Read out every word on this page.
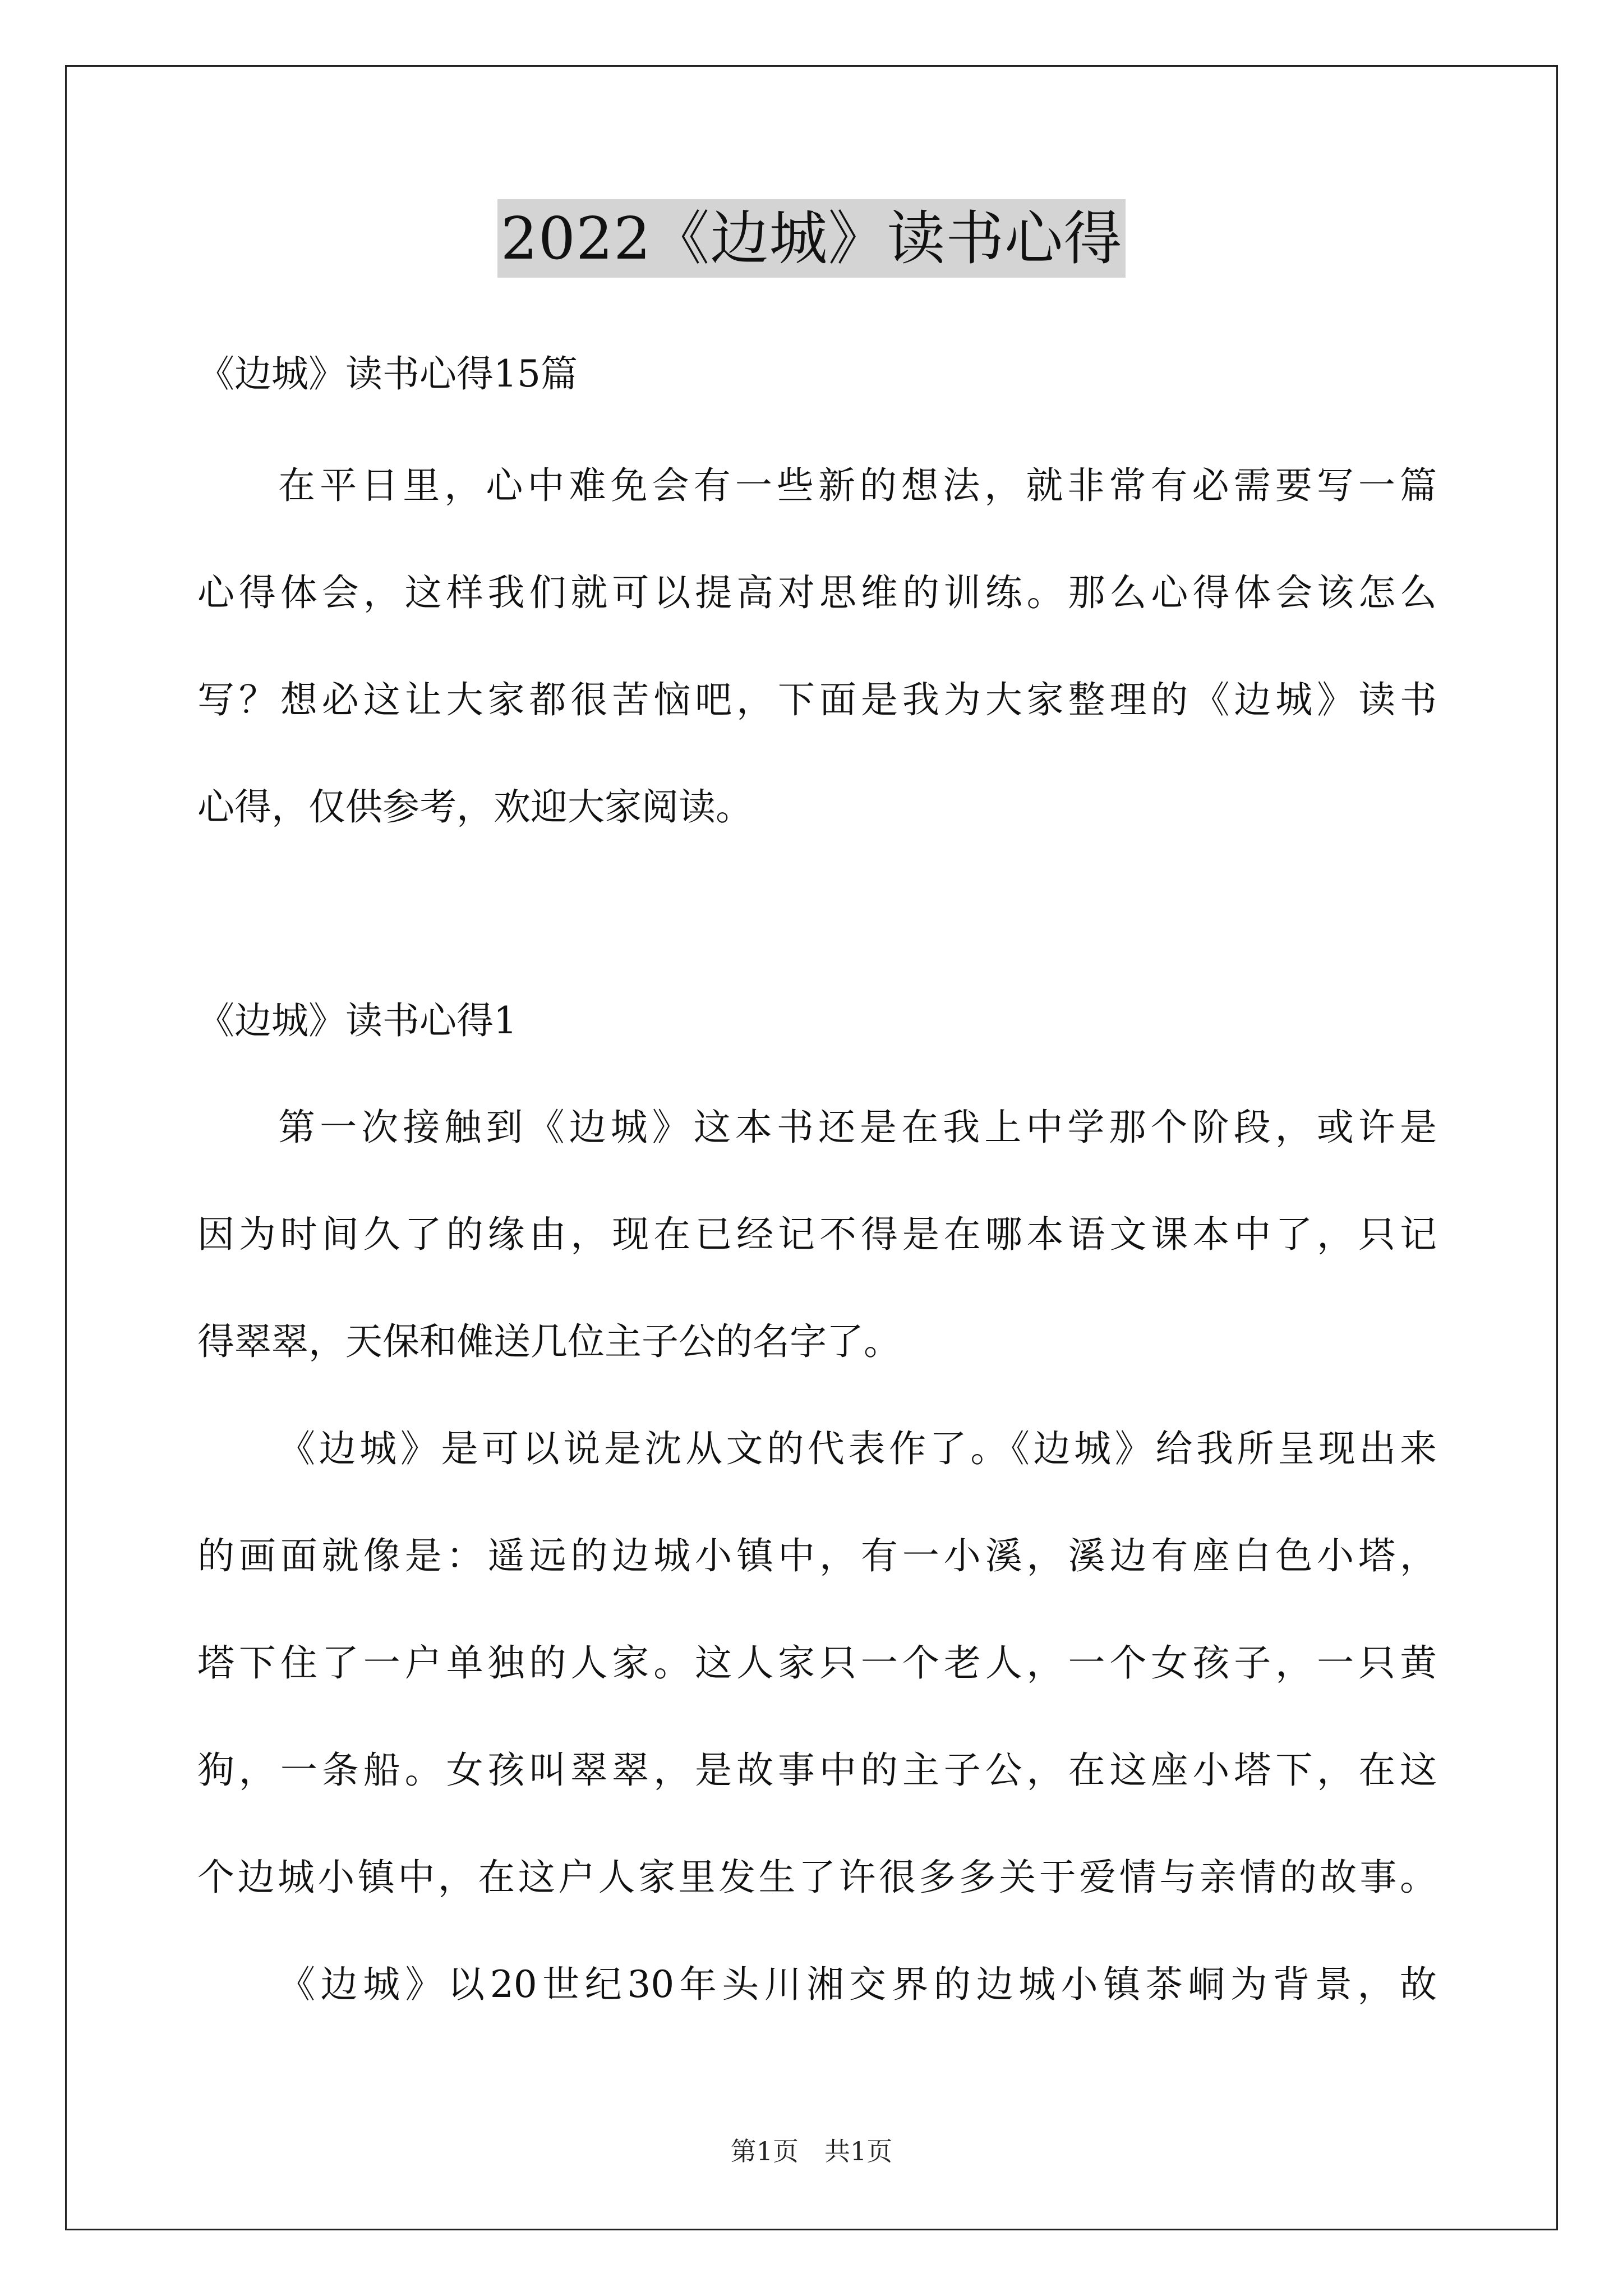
2022《边城》读书心得

《边城》读书心得15篇

在平日里，心中难免会有一些新的想法，就非常有必需要写一篇

心得体会，这样我们就可以提高对思维的训练。那么心得体会该怎么

写？想必这让大家都很苦恼吧，下面是我为大家整理的《边城》读书

心得，仅供参考，欢迎大家阅读。

《边城》读书心得1

第一次接触到《边城》这本书还是在我上中学那个阶段，或许是

因为时间久了的缘由，现在已经记不得是在哪本语文课本中了，只记

得翠翠，天保和傩送几位主子公的名字了。

《边城》是可以说是沈从文的代表作了。《边城》给我所呈现出来

的画面就像是：遥远的边城小镇中，有一小溪，溪边有座白色小塔，

塔下住了一户单独的人家。这人家只一个老人，一个女孩子，一只黄

狗，一条船。女孩叫翠翠，是故事中的主子公，在这座小塔下，在这

个边城小镇中，在这户人家里发生了许很多多关于爱情与亲情的故事。

《边城》以20世纪30年头川湘交界的边城小镇茶峒为背景，故

第1页　共1页
